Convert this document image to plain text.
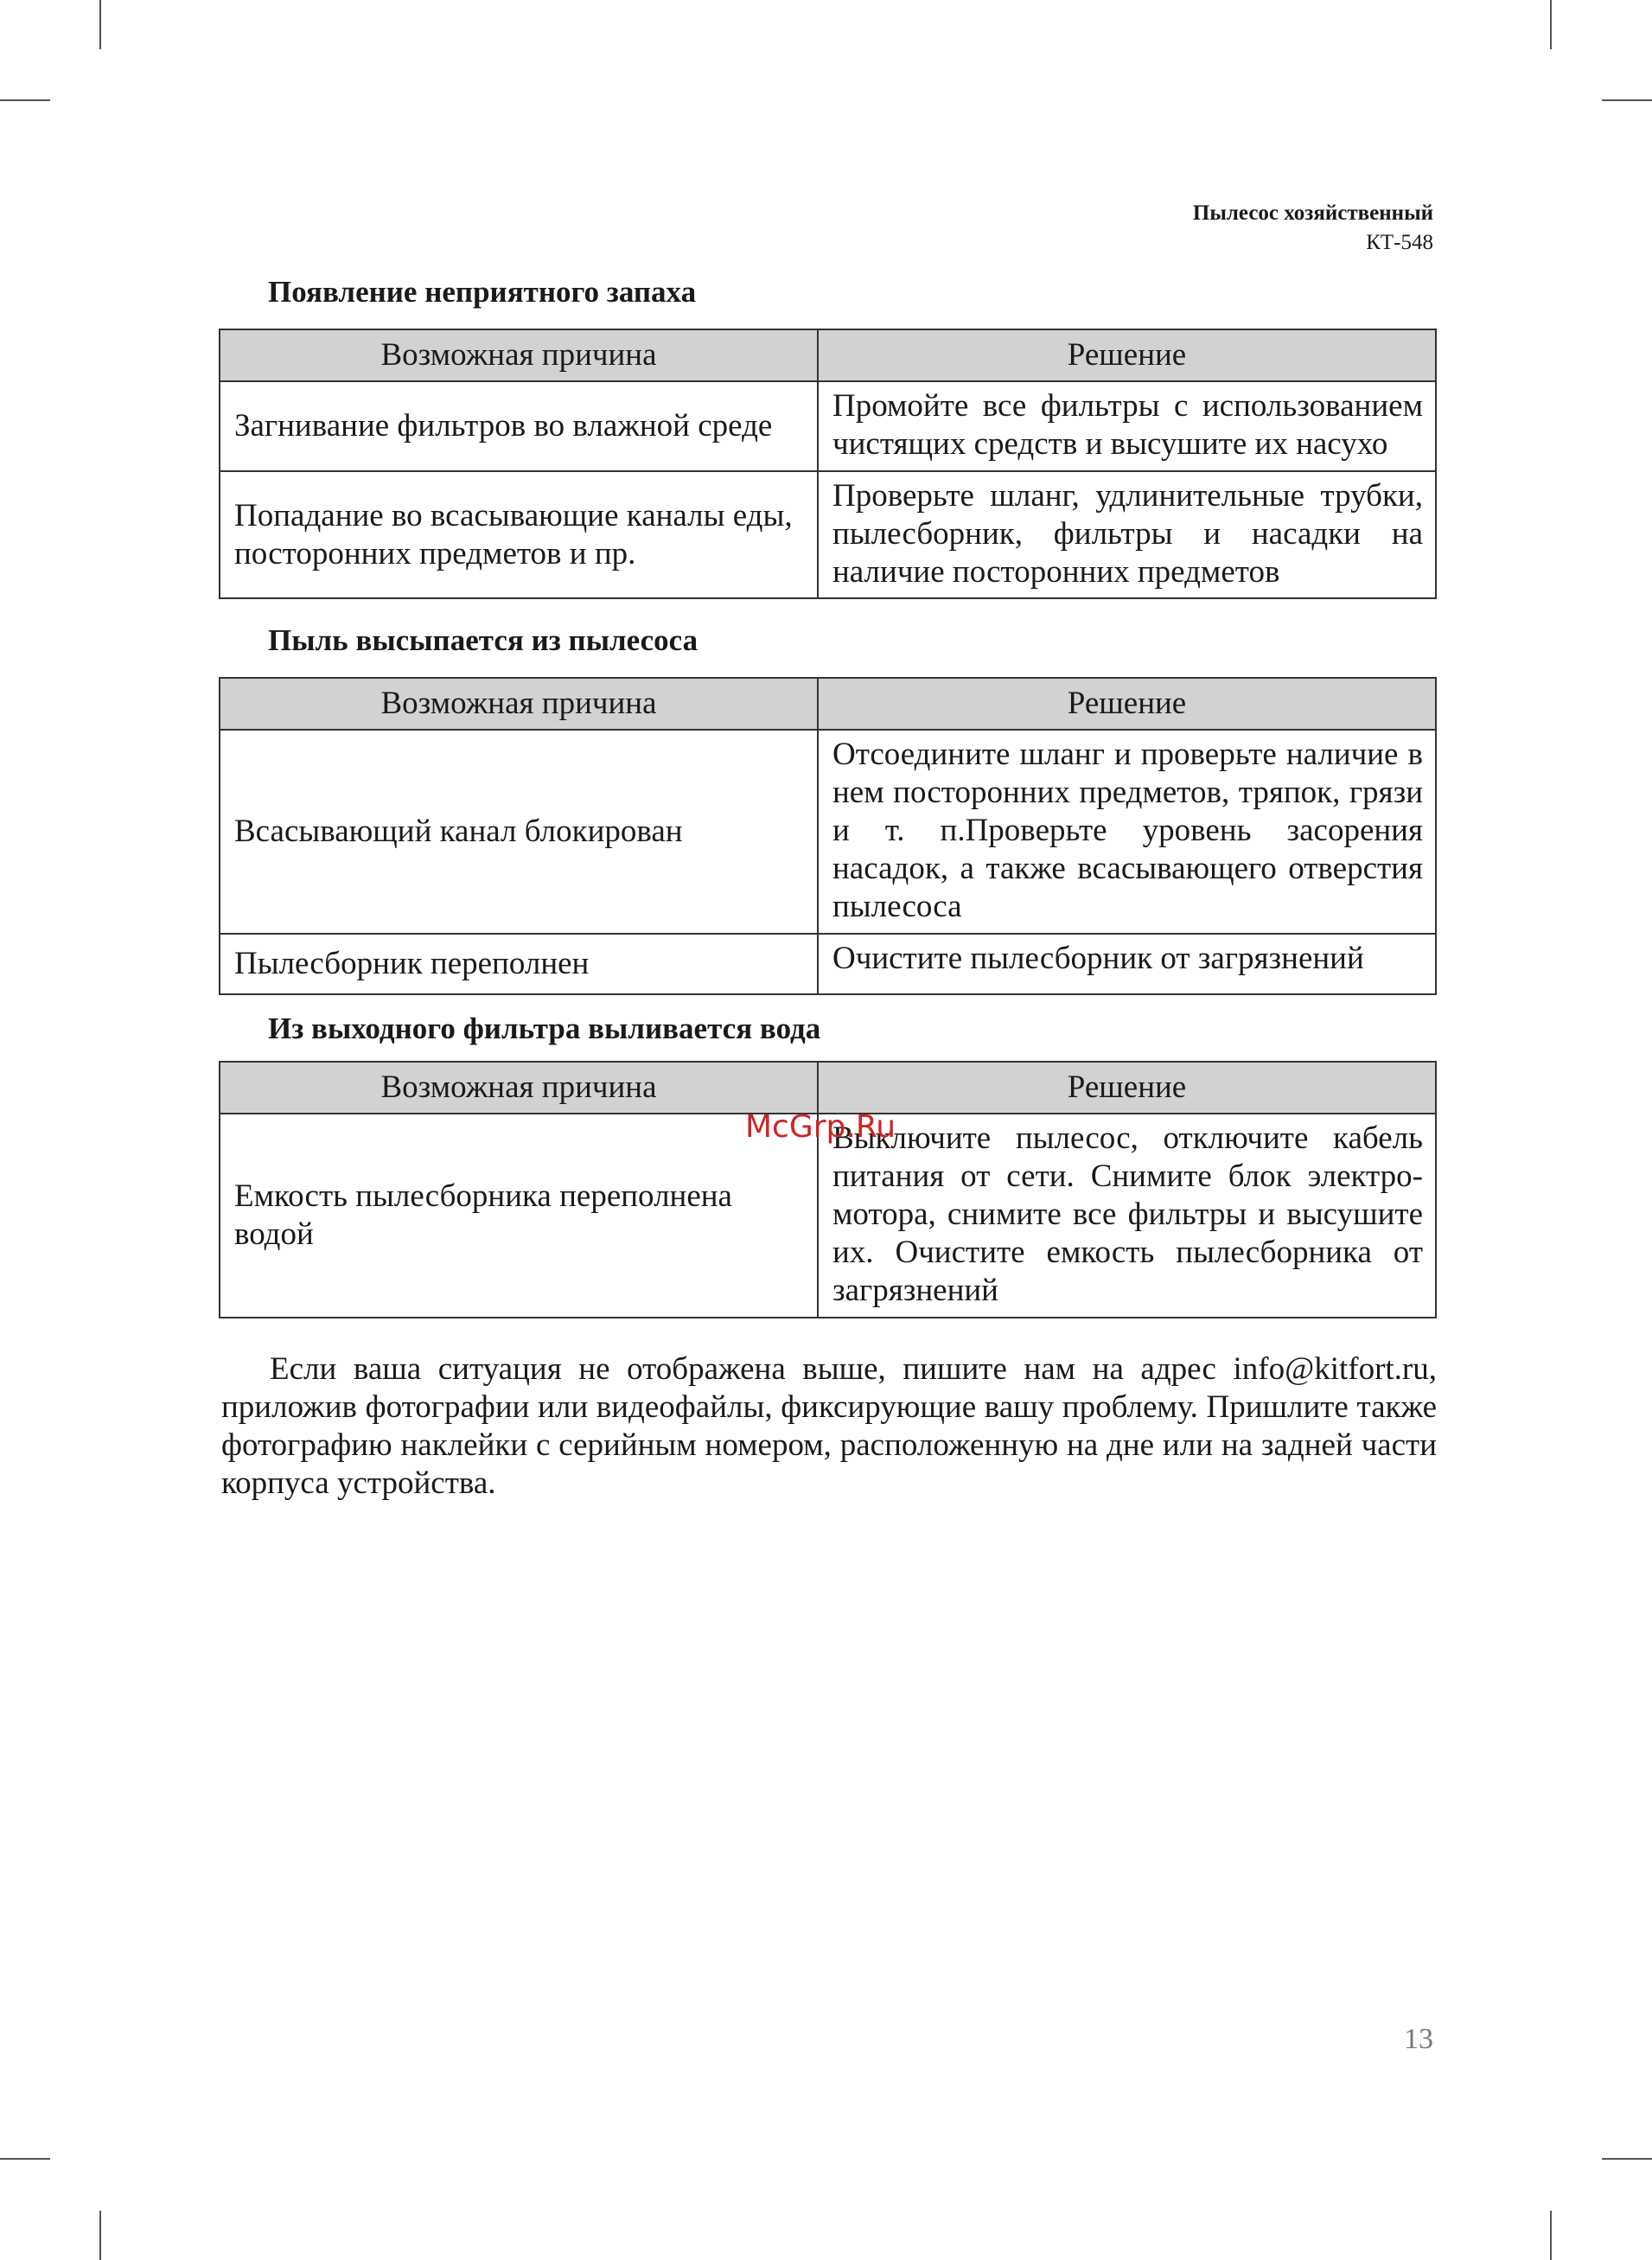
Пылесос хозяйственный
КТ-548
Появление неприятного запаха
Возможная причина	Решение
Загнивание фильтров во влажной среде	Промойте все фильтры с использованием чистящих средств и высушите их насухо
Попадание во всасывающие каналы еды, посторонних предметов и пр.	Проверьте шланг, удлинительные трубки, пылесборник, фильтры и насадки на наличие посторонних предметов
Пыль высыпается из пылесоса
Возможная причина	Решение
Всасывающий канал блокирован	Отсоедините шланг и проверьте наличие в нем посторонних предметов, тряпок, грязи и т. п.Проверьте уровень засорения насадок, а также всасывающего отверстия пылесоса
Пылесборник переполнен	Очистите пылесборник от загрязнений
Из выходного фильтра выливается вода
Возможная причина	Решение
Емкость пылесборника переполнена водой	Выключите пылесос, отключите кабель питания от сети. Снимите блок электромотора, снимите все фильтры и высушите их. Очистите емкость пылесборника от загрязнений
McGrp.Ru
Если ваша ситуация не отображена выше, пишите нам на адрес info@kitfort.ru, приложив фотографии или видеофайлы, фиксирующие вашу проблему. Пришлите также фотографию наклейки с серийным номером, расположенную на дне или на задней части корпуса устройства.
13
